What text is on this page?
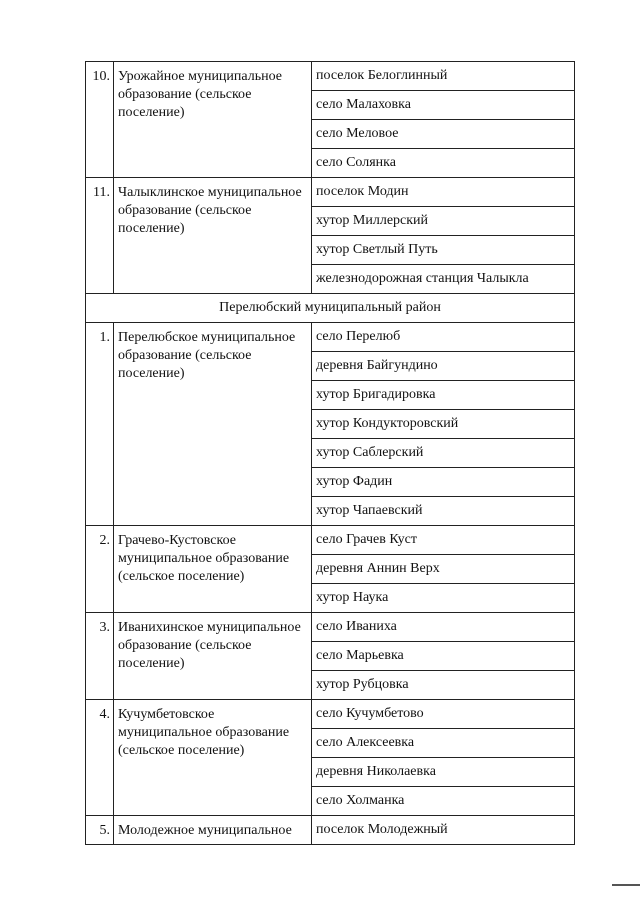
10.	Урожайное муниципальное образование (сельское поселение)	поселок Белоглинный

		село Малаховка

		село Меловое

		село Солянка

11.	Чалыклинское муниципальное образование (сельское поселение)	поселок Модин

		хутор Миллерский

		хутор Светлый Путь

		железнодорожная станция Чалыкла

Перелюбский муниципальный район		

1.	Перелюбское муниципальное образование (сельское поселение)	село Перелюб

		деревня Байгундино

		хутор Бригадировка

		хутор Кондукторовский

		хутор Саблерский

		хутор Фадин

		хутор Чапаевский

2.	Грачево-Кустовское муниципальное образование (сельское поселение)	село Грачев Куст

		деревня Аннин Верх

		хутор Наука

3.	Иванихинское муниципальное образование (сельское поселение)	село Иваниха

		село Марьевка

		хутор Рубцовка

4.	Кучумбетовское муниципальное образование (сельское поселение)	село Кучумбетово

		село Алексеевка

		деревня Николаевка

		село Холманка

5.	Молодежное муниципальное	поселок Молодежный
